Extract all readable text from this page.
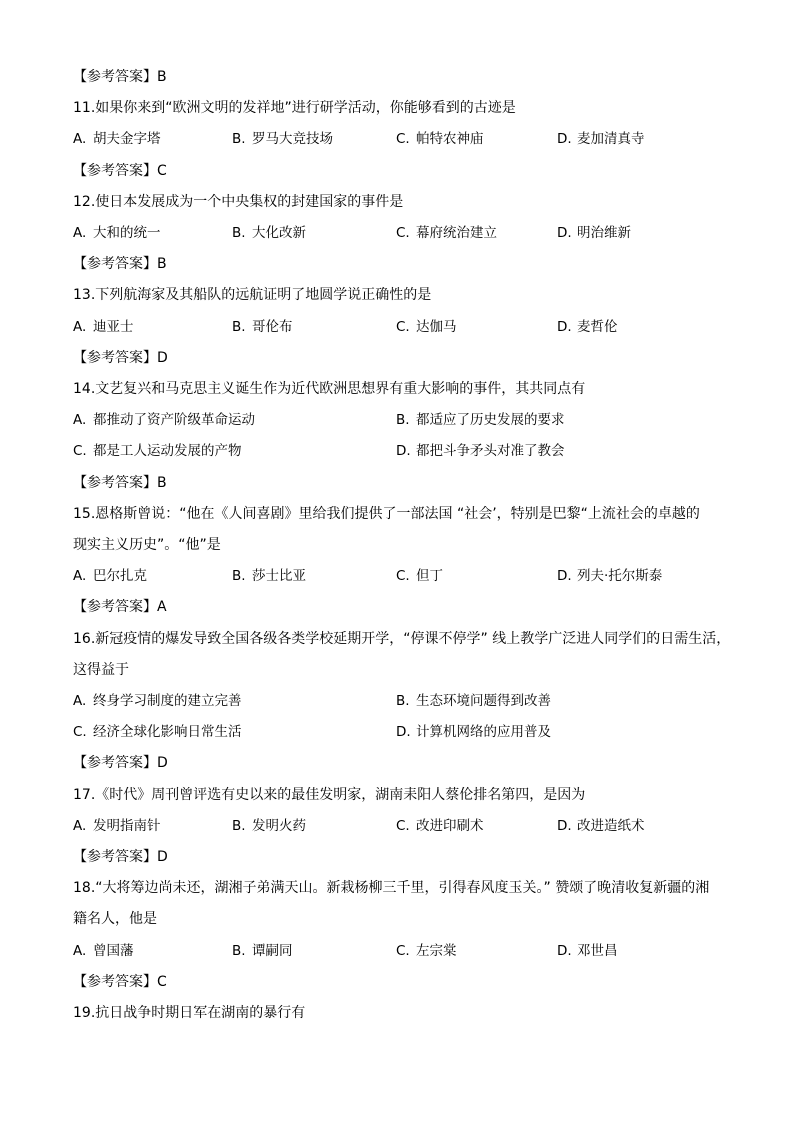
【参考答案】B
11.如果你来到“欧洲文明的发祥地”进行研学活动，你能够看到的古迹是
A. 胡夫金字塔	B. 罗马大竞技场	C. 帕特农神庙	D. 麦加清真寺
【参考答案】C
12.使日本发展成为一个中央集权的封建国家的事件是
A. 大和的统一	B. 大化改新	C. 幕府统治建立	D. 明治维新
【参考答案】B
13.下列航海家及其船队的远航证明了地圆学说正确性的是
A. 迪亚士	B. 哥伦布	C. 达伽马	D. 麦哲伦
【参考答案】D
14.文艺复兴和马克思主义诞生作为近代欧洲思想界有重大影响的事件，其共同点有
A. 都推动了资产阶级革命运动	B. 都适应了历史发展的要求
C. 都是工人运动发展的产物	D. 都把斗争矛头对准了教会
【参考答案】B
15.恩格斯曾说：“他在《人间喜剧》里给我们提供了一部法国 “社会’，特别是巴黎“上流社会的卓越的
现实主义历史”。“他”是
A. 巴尔扎克	B. 莎士比亚	C. 但丁	D. 列夫·托尔斯泰
【参考答案】A
16.新冠疫情的爆发导致全国各级各类学校延期开学，“停课不停学” 线上教学广泛进人同学们的日需生活，
这得益于
A. 终身学习制度的建立完善	B. 生态环境问题得到改善
C. 经济全球化影响日常生活	D. 计算机网络的应用普及
【参考答案】D
17.《时代》周刊曾评选有史以来的最佳发明家，湖南耒阳人蔡伦排名第四，是因为
A. 发明指南针	B. 发明火药	C. 改进印刷术	D. 改进造纸术
【参考答案】D
18.“大将筹边尚未还，湖湘子弟满天山。新栽杨柳三千里，引得春风度玉关。” 赞颂了晚清收复新疆的湘
籍名人，他是
A. 曾国藩	B. 谭嗣同	C. 左宗棠	D. 邓世昌
【参考答案】C
19.抗日战争时期日军在湖南的暴行有
